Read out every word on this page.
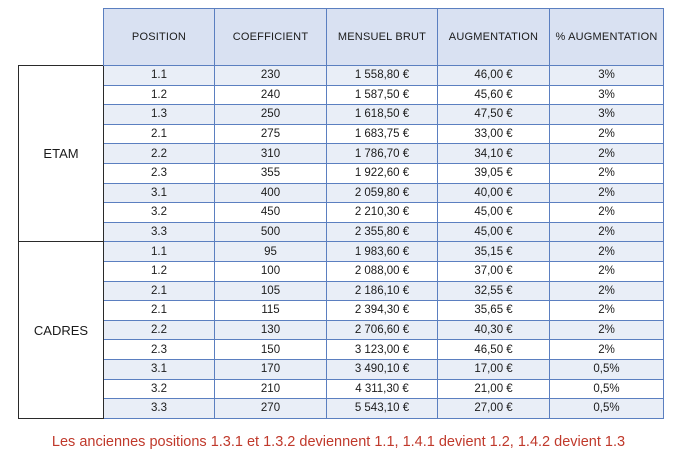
	POSITION	COEFFICIENT	MENSUEL BRUT	AUGMENTATION	% AUGMENTATION
ETAM	1.1	230	1 558,80 €	46,00 €	3%
	1.2	240	1 587,50 €	45,60 €	3%
	1.3	250	1 618,50 €	47,50 €	3%
	2.1	275	1 683,75 €	33,00 €	2%
	2.2	310	1 786,70 €	34,10 €	2%
	2.3	355	1 922,60 €	39,05 €	2%
	3.1	400	2 059,80 €	40,00 €	2%
	3.2	450	2 210,30 €	45,00 €	2%
	3.3	500	2 355,80 €	45,00 €	2%
CADRES	1.1	95	1 983,60 €	35,15 €	2%
	1.2	100	2 088,00 €	37,00 €	2%
	2.1	105	2 186,10 €	32,55 €	2%
	2.1	115	2 394,30 €	35,65 €	2%
	2.2	130	2 706,60 €	40,30 €	2%
	2.3	150	3 123,00 €	46,50 €	2%
	3.1	170	3 490,10 €	17,00 €	0,5%
	3.2	210	4 311,30 €	21,00 €	0,5%
	3.3	270	5 543,10 €	27,00 €	0,5%
Les anciennes positions 1.3.1 et 1.3.2 deviennent 1.1, 1.4.1 devient 1.2, 1.4.2 devient 1.3
